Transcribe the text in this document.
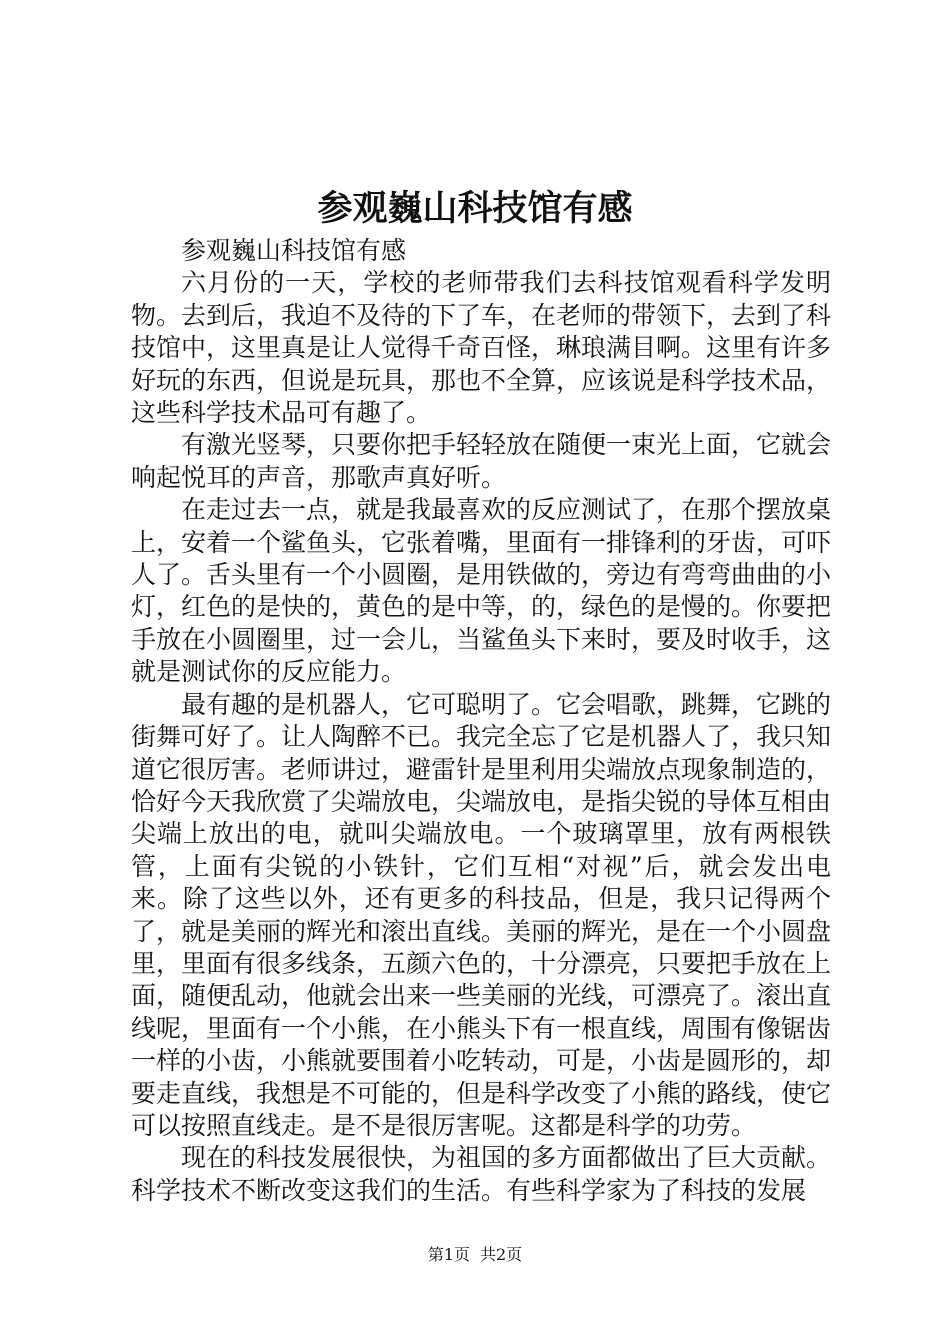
参观巍山科技馆有感

参观巍山科技馆有感

六月份的一天，学校的老师带我们去科技馆观看科学发明物。去到后，我迫不及待的下了车，在老师的带领下，去到了科技馆中，这里真是让人觉得千奇百怪，琳琅满目啊。这里有许多好玩的东西，但说是玩具，那也不全算，应该说是科学技术品，这些科学技术品可有趣了。

有激光竖琴，只要你把手轻轻放在随便一束光上面，它就会响起悦耳的声音，那歌声真好听。

在走过去一点，就是我最喜欢的反应测试了，在那个摆放桌上，安着一个鲨鱼头，它张着嘴，里面有一排锋利的牙齿，可吓人了。舌头里有一个小圆圈，是用铁做的，旁边有弯弯曲曲的小灯，红色的是快的，黄色的是中等，的，绿色的是慢的。你要把手放在小圆圈里，过一会儿，当鲨鱼头下来时，要及时收手，这就是测试你的反应能力。

最有趣的是机器人，它可聪明了。它会唱歌，跳舞，它跳的街舞可好了。让人陶醉不已。我完全忘了它是机器人了，我只知道它很厉害。老师讲过，避雷针是里利用尖端放点现象制造的，恰好今天我欣赏了尖端放电，尖端放电，是指尖锐的导体互相由尖端上放出的电，就叫尖端放电。一个玻璃罩里，放有两根铁管，上面有尖锐的小铁针，它们互相“对视”后，就会发出电来。除了这些以外，还有更多的科技品，但是，我只记得两个了，就是美丽的辉光和滚出直线。美丽的辉光，是在一个小圆盘里，里面有很多线条，五颜六色的，十分漂亮，只要把手放在上面，随便乱动，他就会出来一些美丽的光线，可漂亮了。滚出直线呢，里面有一个小熊，在小熊头下有一根直线，周围有像锯齿一样的小齿，小熊就要围着小吃转动，可是，小齿是圆形的，却要走直线，我想是不可能的，但是科学改变了小熊的路线，使它可以按照直线走。是不是很厉害呢。这都是科学的功劳。

现在的科技发展很快，为祖国的多方面都做出了巨大贡献。科学技术不断改变这我们的生活。有些科学家为了科技的发展

第1页 共2页
